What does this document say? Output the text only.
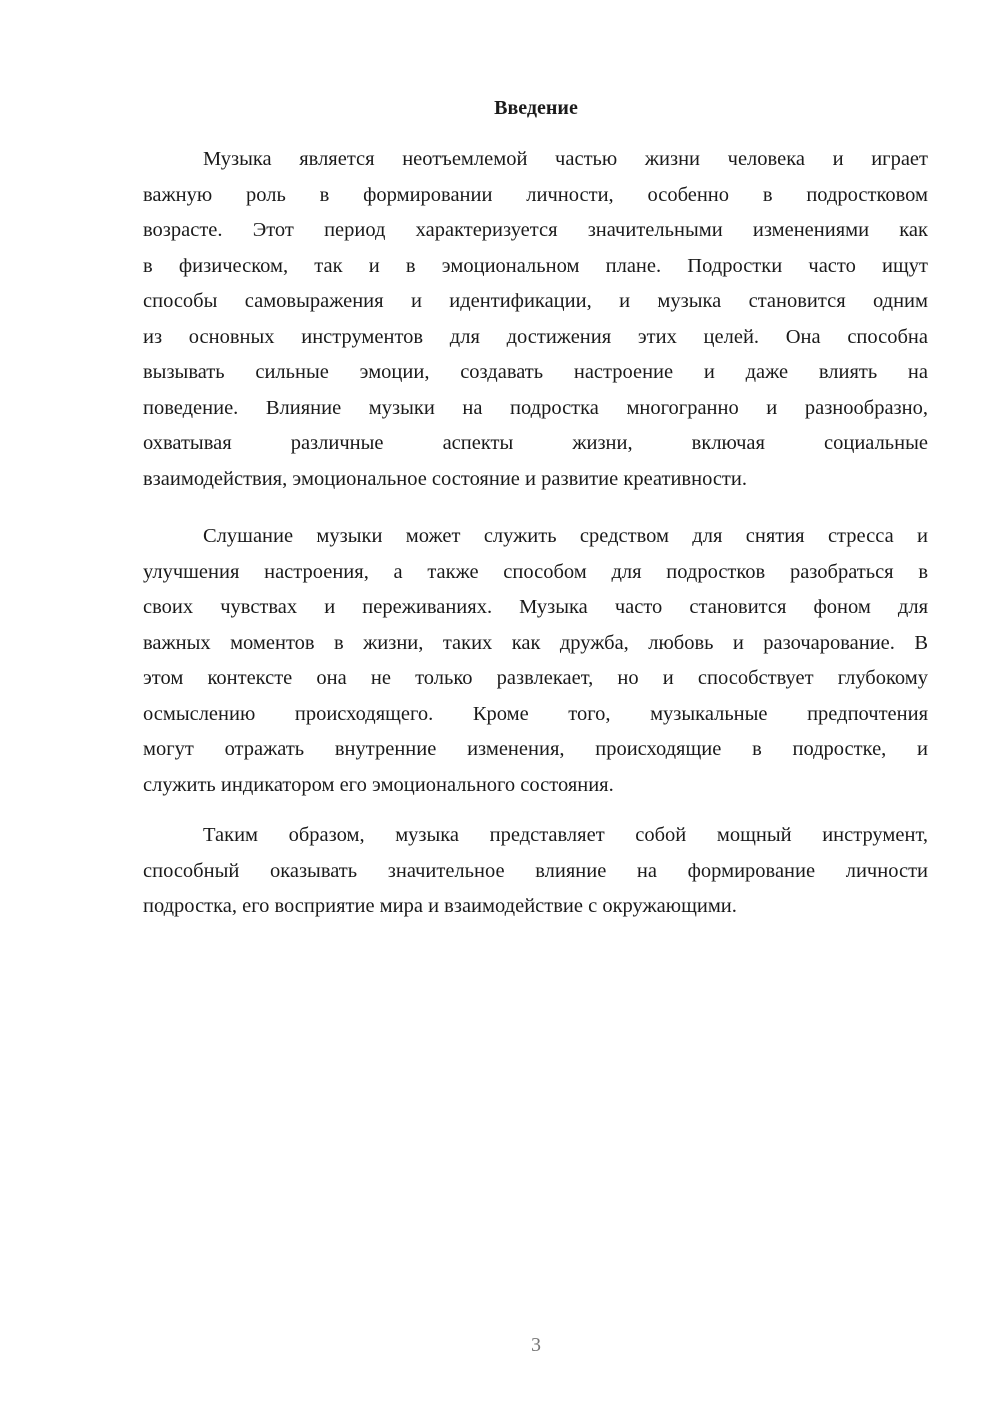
Введение
Музыка является неотъемлемой частью жизни человека и играет
важную роль в формировании личности, особенно в подростковом
возрасте. Этот период характеризуется значительными изменениями как
в физическом, так и в эмоциональном плане. Подростки часто ищут
способы самовыражения и идентификации, и музыка становится одним
из основных инструментов для достижения этих целей. Она способна
вызывать сильные эмоции, создавать настроение и даже влиять на
поведение. Влияние музыки на подростка многогранно и разнообразно,
охватывая различные аспекты жизни, включая социальные
взаимодействия, эмоциональное состояние и развитие креативности.
Слушание музыки может служить средством для снятия стресса и
улучшения настроения, а также способом для подростков разобраться в
своих чувствах и переживаниях. Музыка часто становится фоном для
важных моментов в жизни, таких как дружба, любовь и разочарование. В
этом контексте она не только развлекает, но и способствует глубокому
осмыслению происходящего. Кроме того, музыкальные предпочтения
могут отражать внутренние изменения, происходящие в подростке, и
служить индикатором его эмоционального состояния.
Таким образом, музыка представляет собой мощный инструмент,
способный оказывать значительное влияние на формирование личности
подростка, его восприятие мира и взаимодействие с окружающими.
3
